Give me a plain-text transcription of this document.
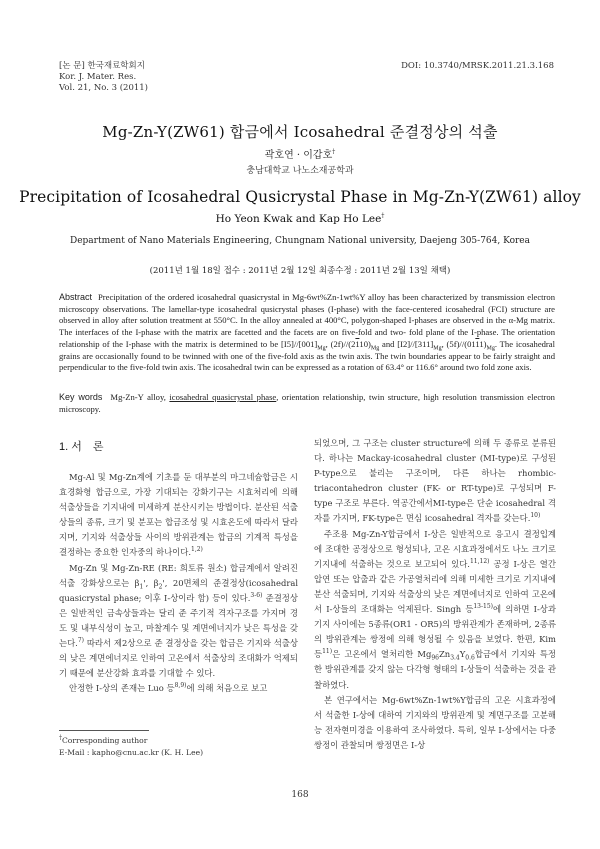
[논 문] 한국재료학회지
Kor. J. Mater. Res.
Vol. 21, No. 3 (2011)
DOI: 10.3740/MRSK.2011.21.3.168
Mg-Zn-Y(ZW61) 합금에서 Icosahedral 준결정상의 석출
곽호연 · 이갑호†
충남대학교 나노소재공학과
Precipitation of Icosahedral Qusicrystal Phase in Mg-Zn-Y(ZW61) alloy
Ho Yeon Kwak and Kap Ho Lee†
Department of Nano Materials Engineering, Chungnam National university, Daejeng 305-764, Korea
(2011년 1월 18일 접수 : 2011년 2월 12일 최종수정 : 2011년 2월 13일 채택)
Abstract Precipitation of the ordered icosahedral quasicrystal in Mg-6wt%Zn-1wt%Y alloy has been characterized by transmission electron microscopy observations. The lamellar-type icosahedral qusicrystal phases (I-phase) with the face-centered icosahedral (FCI) structure are observed in alloy after solution treatment at 550°C. In the alloy annealed at 400°C, polygon-shaped I-phases are observed in the α-Mg matrix. The interfaces of the I-phase with the matrix are facetted and the facets are on five-fold and two- fold plane of the I-phase. The orientation relationship of the I-phase with the matrix is determined to be $[I5]//[001]_{Mg}$, $(2f)//(2110)_{Mg}$ and $[I2]//[311]_{Mg}$, $(5f)//(0111)_{Mg}$. The icosahedral grains are occasionally found to be twinned with one of the five-fold axis as the twin axis. The twin boundaries appear to be fairly straight and perpendicular to the five-fold twin axis. The icosahedral twin can be expressed as a rotation of 63.4° or 116.6° around two fold zone axis.
Key words Mg-Zn-Y alloy, icosahedral quasicrystal phase, orientation relationship, twin structure, high resolution transmission electron microscopy.
1. 서　론

Mg-Al 및 Mg-Zn계에 기초를 둔 대부분의 마그네슘합금은 시효경화형 합금으로, 가장 기대되는 강화기구는 시효처리에 의해 석출상들을 기지내에 미세하게 분산시키는 방법이다. 분산된 석출상들의 종류, 크기 및 분포는 합금조성 및 시효온도에 따라서 달라지며, 기지와 석출상들 사이의 방위관계는 합금의 기계적 특성을 결정하는 중요한 인자중의 하나이다.$^{1,2)}$

Mg-Zn 및 Mg-Zn-RE (RE: 희토류 원소) 합금계에서 알려진 석출 강화상으로는 $\beta_1'$, $\beta_2'$, 20면체의 준결정상(icosahedral quasicrystal phase; 이후 I-상이라 함) 등이 있다.$^{3-6)}$ 준결정상은 일반적인 금속상들과는 달리 준 주기적 격자구조를 가지며 경도 및 내부식성이 높고, 마찰계수 및 계면에너지가 낮은 특성을 갖는다.$^{7)}$ 따라서 제2상으로 준 결정상을 갖는 합금은 기지와 석출상의 낮은 계면에너지로 인하여 고온에서 석출상의 조대화가 억제되기 때문에 분산강화 효과를 기대할 수 있다.

안정한 I-상의 존재는 Luo 등$^{8,9)}$에 의해 처음으로 보고

되었으며, 그 구조는 cluster structure에 의해 두 종류로 분류된다. 하나는 Mackay-icosahedral cluster (MI-type)로 구성된 P-type으로 불리는 구조이며, 다른 하나는 rhombic-triacontahedron cluster (FK- or RT-type)로 구성되며 F-type 구조로 부른다. 역공간에서MI-type은 단순 icosahedral 격자를 가지며, FK-type은 면심 icosahedral 격자를 갖는다.$^{10)}$

주조용 Mg-Zn-Y합금에서 I-상은 일반적으로 응고시 결정입계에 조대한 공정상으로 형성되나, 고온 시효과정에서도 나노 크기로 기지내에 석출하는 것으로 보고되어 있다.$^{11,12)}$ 공정 I-상은 열간 압연 또는 압출과 같은 가공열처리에 의해 미세한 크기로 기지내에 분산 석출되며, 기지와 석출상의 낮은 계면에너지로 인하여 고온에서 I-상들의 조대화는 억제된다. Singh 등$^{13-15)}$에 의하면 I-상과 기지 사이에는 5종류(OR1 - OR5)의 방위관계가 존재하며, 2종류의 방위관계는 쌍정에 의해 형성될 수 있음을 보였다. 한편, Kim 등$^{11)}$은 고온에서 열처리한 $Mg_{96}Zn_{3.4}Y_{0.6}$합금에서 기지와 특정한 방위관계를 갖지 않는 다각형 형태의 I-상들이 석출하는 것을 관찰하였다.

본 연구에서는 Mg-6wt%Zn-1wt%Y합금의 고온 시효과정에서 석출한 I-상에 대하여 기지와의 방위관계 및 계면구조를 고분해능 전자현미경을 이용하여 조사하였다. 특히, 일부 I-상에서는 다중쌍정이 관찰되며 쌍정면은 I-상

†Corresponding author
E-Mail : kapho@cnu.ac.kr (K. H. Lee)
168
